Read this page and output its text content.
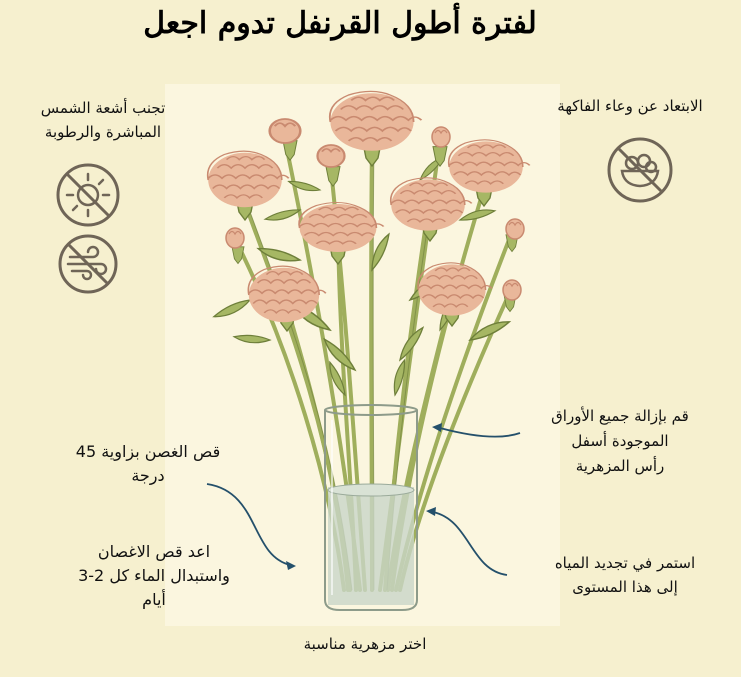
لفترة أطول القرنفل تدوم اجعل
تجنب أشعة الشمس
المباشرة والرطوبة
الابتعاد عن وعاء الفاكهة
قم بإزالة جميع الأوراق
الموجودة أسفل
رأس المزهرية
قص الغصن بزاوية 45
درجة
اعد قص الاغصان
واستبدال الماء كل 2-3
أيام
استمر في تجديد المياه
إلى هذا المستوى
اختر مزهرية مناسبة
